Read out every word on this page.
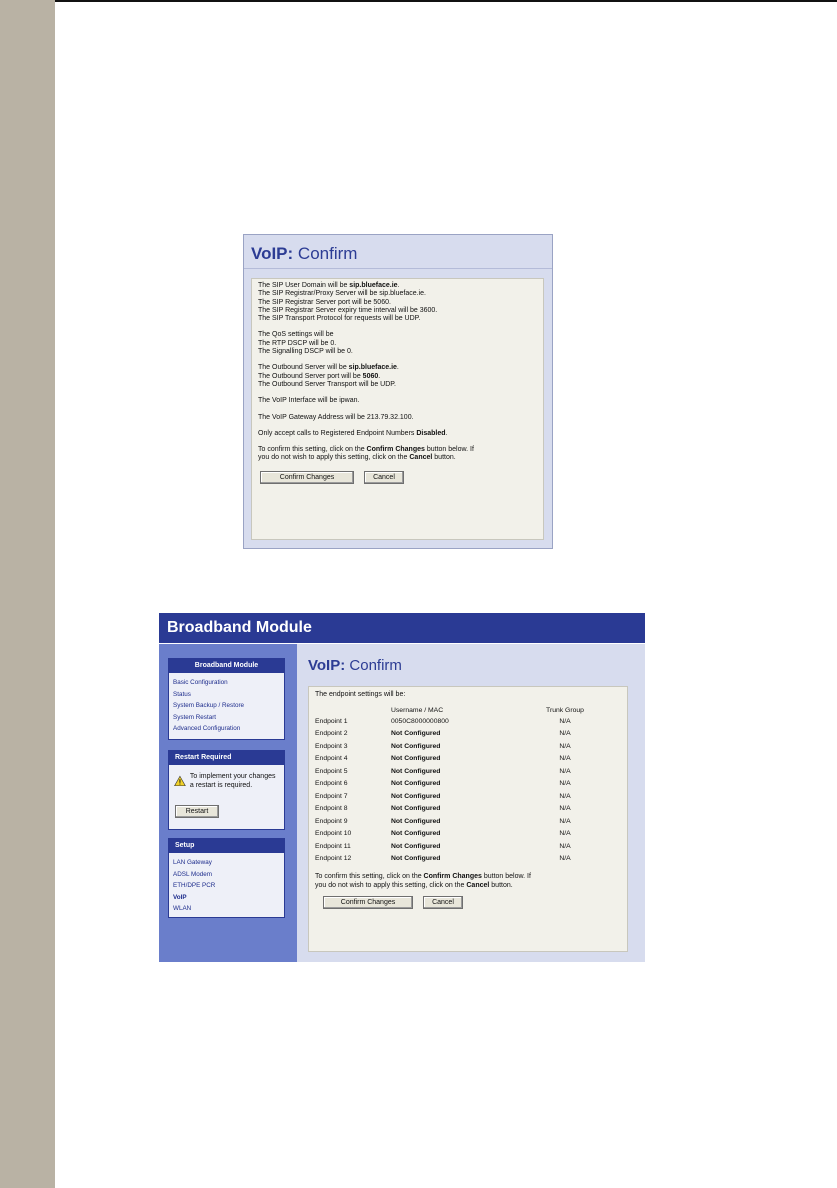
VoIP: Confirm

The SIP User Domain will be sip.blueface.ie.
The SIP Registrar/Proxy Server will be sip.blueface.ie.
The SIP Registrar Server port will be 5060.
The SIP Registrar Server expiry time interval will be 3600.
The SIP Transport Protocol for requests will be UDP.

The QoS settings will be
The RTP DSCP will be 0.
The Signalling DSCP will be 0.

The Outbound Server will be sip.blueface.ie.
The Outbound Server port will be 5060.
The Outbound Server Transport will be UDP.

The VoIP Interface will be ipwan.

The VoIP Gateway Address will be 213.79.32.100.

Only accept calls to Registered Endpoint Numbers Disabled.

To confirm this setting, click on the Confirm Changes button below. If
you do not wish to apply this setting, click on the Cancel button.

Confirm Changes	Cancel
Broadband Module
Broadband Module
Basic Configuration
Status
System Backup / Restore
System Restart
Advanced Configuration
Restart Required
To implement your changes a restart is required.
Restart
Setup
LAN Gateway
ADSL Modem
ETH/DPE PCR
VoIP
WLAN
VoIP: Confirm
The endpoint settings will be:
	Username / MAC	Trunk Group
Endpoint 1	0050C8000000800	N/A
Endpoint 2	Not Configured	N/A
Endpoint 3	Not Configured	N/A
Endpoint 4	Not Configured	N/A
Endpoint 5	Not Configured	N/A
Endpoint 6	Not Configured	N/A
Endpoint 7	Not Configured	N/A
Endpoint 8	Not Configured	N/A
Endpoint 9	Not Configured	N/A
Endpoint 10	Not Configured	N/A
Endpoint 11	Not Configured	N/A
Endpoint 12	Not Configured	N/A
To confirm this setting, click on the Confirm Changes button below. If
you do not wish to apply this setting, click on the Cancel button.
Confirm Changes	Cancel
